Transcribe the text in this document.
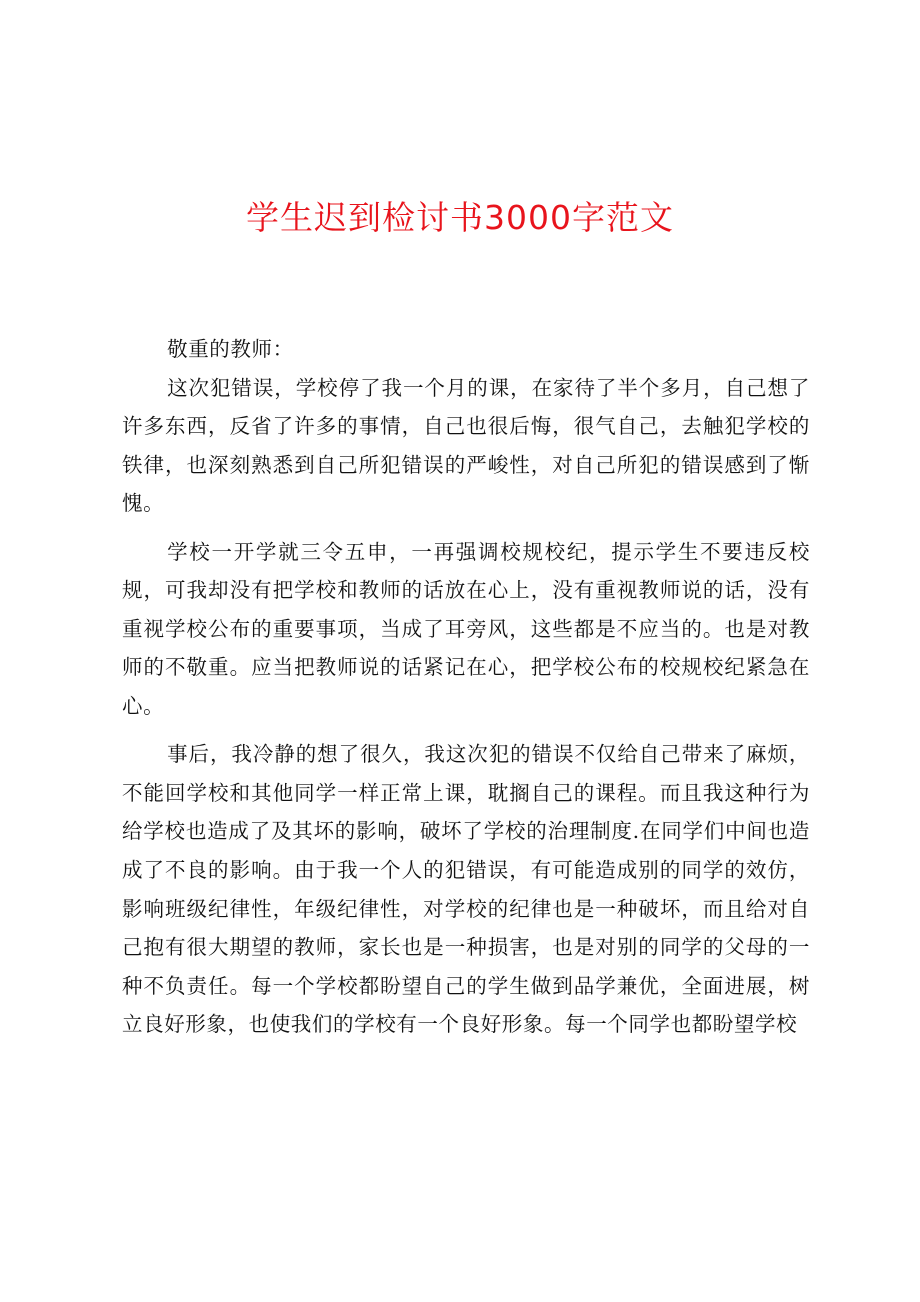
学生迟到检讨书3000字范文

敬重的教师：

这次犯错误，学校停了我一个月的课，在家待了半个多月，自己想了许多东西，反省了许多的事情，自己也很后悔，很气自己，去触犯学校的铁律，也深刻熟悉到自己所犯错误的严峻性，对自己所犯的错误感到了惭愧。

学校一开学就三令五申，一再强调校规校纪，提示学生不要违反校规，可我却没有把学校和教师的话放在心上，没有重视教师说的话，没有重视学校公布的重要事项，当成了耳旁风，这些都是不应当的。也是对教师的不敬重。应当把教师说的话紧记在心，把学校公布的校规校纪紧急在心。

事后，我冷静的想了很久，我这次犯的错误不仅给自己带来了麻烦，不能回学校和其他同学一样正常上课，耽搁自己的课程。而且我这种行为给学校也造成了及其坏的影响，破坏了学校的治理制度.在同学们中间也造成了不良的影响。由于我一个人的犯错误，有可能造成别的同学的效仿，影响班级纪律性，年级纪律性，对学校的纪律也是一种破坏，而且给对自己抱有很大期望的教师，家长也是一种损害，也是对别的同学的父母的一种不负责任。每一个学校都盼望自己的学生做到品学兼优，全面进展，树立良好形象，也使我们的学校有一个良好形象。每一个同学也都盼望学校
